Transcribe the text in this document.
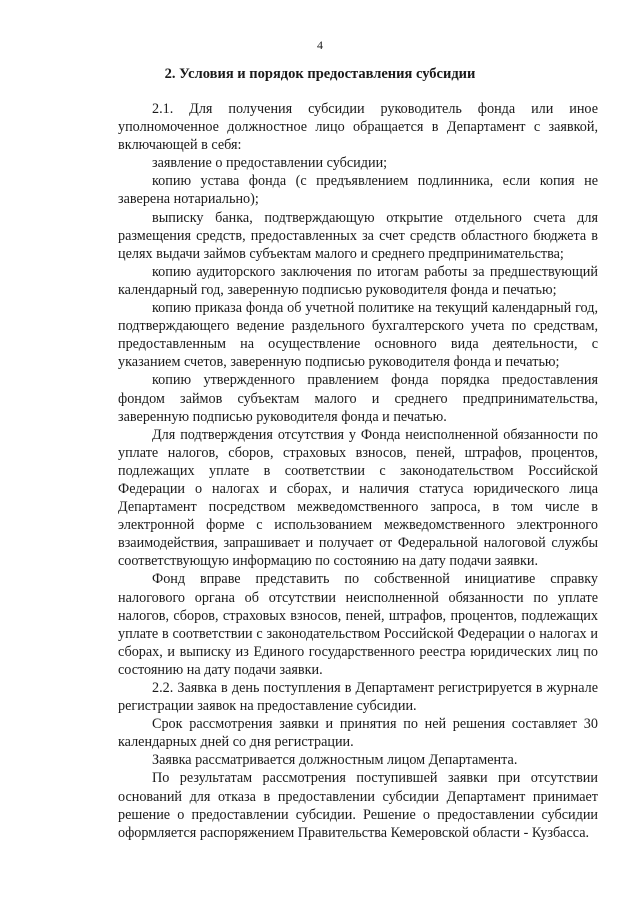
4
2. Условия и порядок предоставления субсидии

2.1. Для получения субсидии руководитель фонда или иное уполномоченное должностное лицо обращается в Департамент с заявкой, включающей в себя:

заявление о предоставлении субсидии;

копию устава фонда (с предъявлением подлинника, если копия не заверена нотариально);

выписку банка, подтверждающую открытие отдельного счета для размещения средств, предоставленных за счет средств областного бюджета в целях выдачи займов субъектам малого и среднего предпринимательства;

копию аудиторского заключения по итогам работы за предшествующий календарный год, заверенную подписью руководителя фонда и печатью;

копию приказа фонда об учетной политике на текущий календарный год, подтверждающего ведение раздельного бухгалтерского учета по средствам, предоставленным на осуществление основного вида деятельности, с указанием счетов, заверенную подписью руководителя фонда и печатью;

копию утвержденного правлением фонда порядка предоставления фондом займов субъектам малого и среднего предпринимательства, заверенную подписью руководителя фонда и печатью.

Для подтверждения отсутствия у Фонда неисполненной обязанности по уплате налогов, сборов, страховых взносов, пеней, штрафов, процентов, подлежащих уплате в соответствии с законодательством Российской Федерации о налогах и сборах, и наличия статуса юридического лица Департамент посредством межведомственного запроса, в том числе в электронной форме с использованием межведомственного электронного взаимодействия, запрашивает и получает от Федеральной налоговой службы соответствующую информацию по состоянию на дату подачи заявки.

Фонд вправе представить по собственной инициативе справку налогового органа об отсутствии неисполненной обязанности по уплате налогов, сборов, страховых взносов, пеней, штрафов, процентов, подлежащих уплате в соответствии с законодательством Российской Федерации о налогах и сборах, и выписку из Единого государственного реестра юридических лиц по состоянию на дату подачи заявки.

2.2. Заявка в день поступления в Департамент регистрируется в журнале регистрации заявок на предоставление субсидии.

Срок рассмотрения заявки и принятия по ней решения составляет 30 календарных дней со дня регистрации.

Заявка рассматривается должностным лицом Департамента.

По результатам рассмотрения поступившей заявки при отсутствии оснований для отказа в предоставлении субсидии Департамент принимает решение о предоставлении субсидии. Решение о предоставлении субсидии оформляется распоряжением Правительства Кемеровской области - Кузбасса.
